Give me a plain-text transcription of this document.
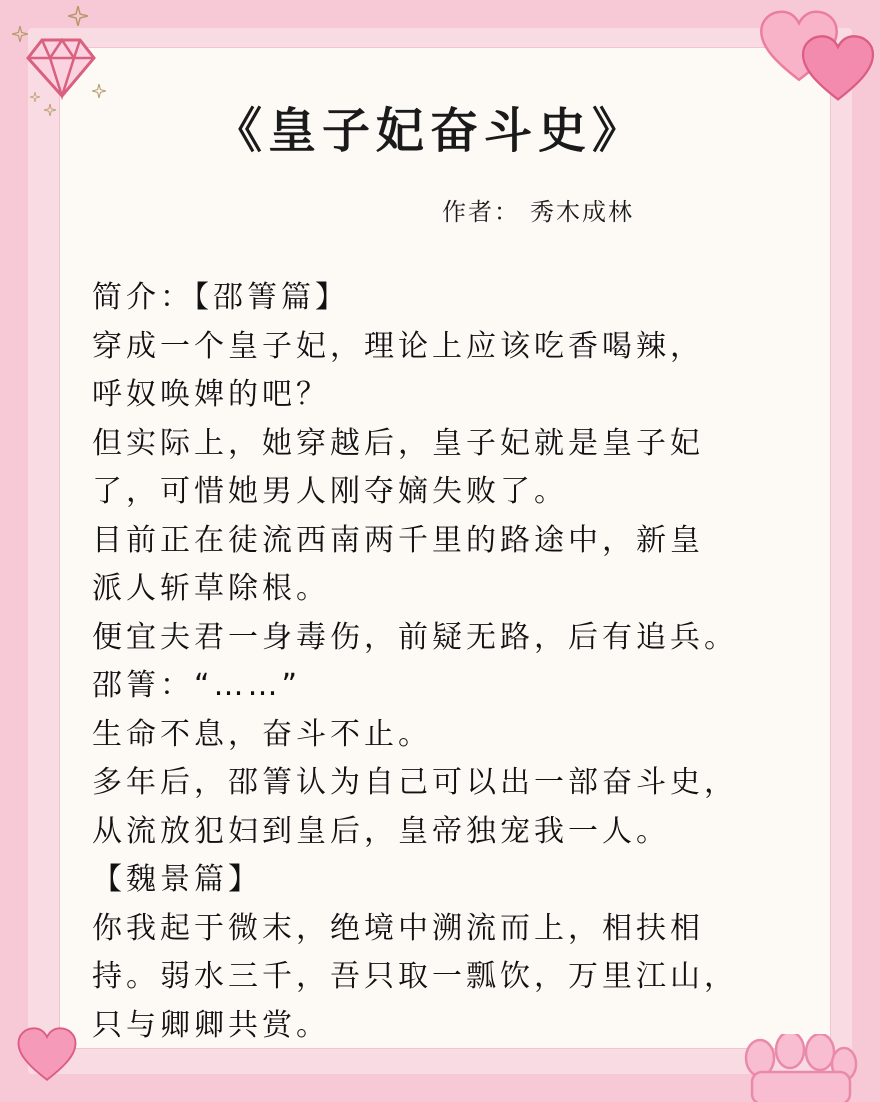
《皇子妃奋斗史》
作者： 秀木成林

简介：【邵箐篇】

穿成一个皇子妃，理论上应该吃香喝辣，

呼奴唤婢的吧？

但实际上，她穿越后，皇子妃就是皇子妃

了，可惜她男人刚夺嫡失败了。

目前正在徒流西南两千里的路途中，新皇

派人斩草除根。

便宜夫君一身毒伤，前疑无路，后有追兵。

邵箐：“……”

生命不息，奋斗不止。

多年后，邵箐认为自己可以出一部奋斗史，

从流放犯妇到皇后，皇帝独宠我一人。

【魏景篇】

你我起于微末，绝境中溯流而上，相扶相

持。弱水三千，吾只取一瓢饮，万里江山，

只与卿卿共赏。
